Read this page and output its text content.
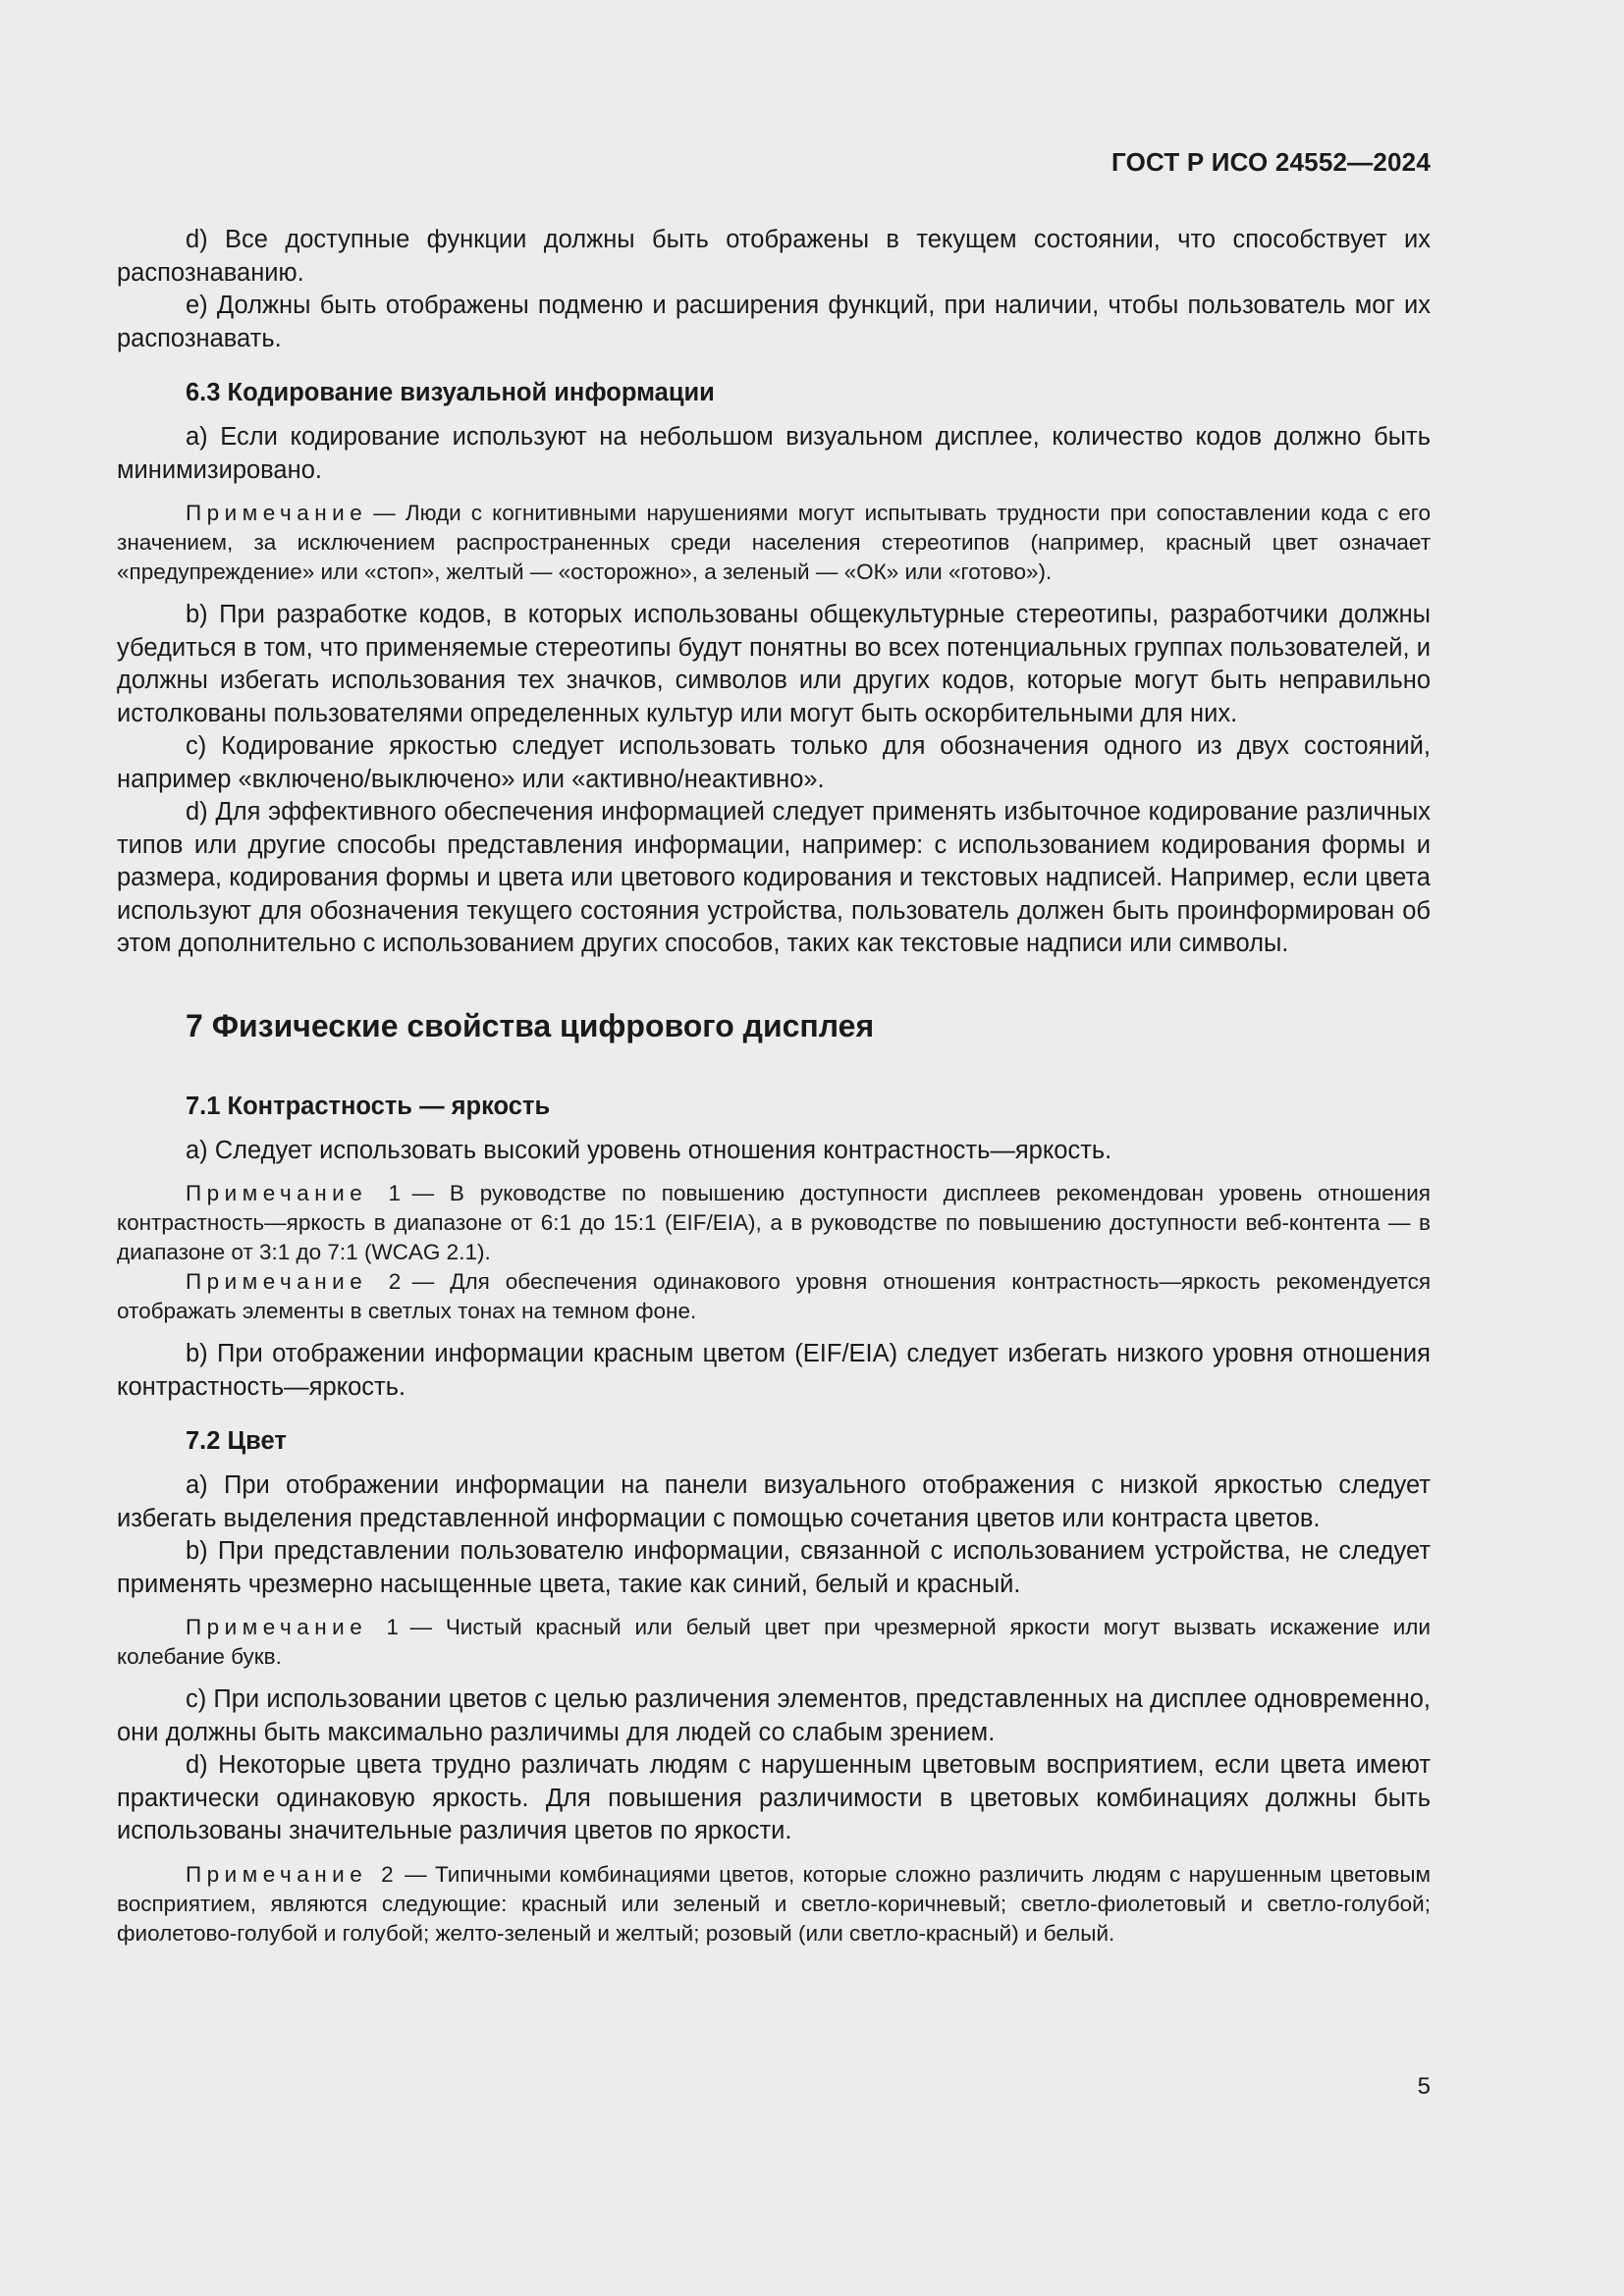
ГОСТ Р ИСО 24552—2024

d) Все доступные функции должны быть отображены в текущем состоянии, что способствует их распознаванию.

е) Должны быть отображены подменю и расширения функций, при наличии, чтобы пользователь мог их распознавать.

6.3 Кодирование визуальной информации

а) Если кодирование используют на небольшом визуальном дисплее, количество кодов должно быть минимизировано.

Примечание — Люди с когнитивными нарушениями могут испытывать трудности при сопоставлении кода с его значением, за исключением распространенных среди населения стереотипов (например, красный цвет означает «предупреждение» или «стоп», желтый — «осторожно», а зеленый — «ОК» или «готово»).

b) При разработке кодов, в которых использованы общекультурные стереотипы, разработчики должны убедиться в том, что применяемые стереотипы будут понятны во всех потенциальных группах пользователей, и должны избегать использования тех значков, символов или других кодов, которые могут быть неправильно истолкованы пользователями определенных культур или могут быть оскорбительными для них.

с) Кодирование яркостью следует использовать только для обозначения одного из двух состояний, например «включено/выключено» или «активно/неактивно».

d) Для эффективного обеспечения информацией следует применять избыточное кодирование различных типов или другие способы представления информации, например: с использованием кодирования формы и размера, кодирования формы и цвета или цветового кодирования и текстовых надписей. Например, если цвета используют для обозначения текущего состояния устройства, пользователь должен быть проинформирован об этом дополнительно с использованием других способов, таких как текстовые надписи или символы.

7 Физические свойства цифрового дисплея
7.1 Контрастность — яркость

а) Следует использовать высокий уровень отношения контрастность—яркость.

Примечание 1 — В руководстве по повышению доступности дисплеев рекомендован уровень отношения контрастность—яркость в диапазоне от 6:1 до 15:1 (EIF/EIA), а в руководстве по повышению доступности веб-контента — в диапазоне от 3:1 до 7:1 (WCAG 2.1).
Примечание 2 — Для обеспечения одинакового уровня отношения контрастность—яркость рекомендуется отображать элементы в светлых тонах на темном фоне.

b) При отображении информации красным цветом (EIF/EIA) следует избегать низкого уровня отношения контрастность—яркость.

7.2 Цвет

а) При отображении информации на панели визуального отображения с низкой яркостью следует избегать выделения представленной информации с помощью сочетания цветов или контраста цветов.

b) При представлении пользователю информации, связанной с использованием устройства, не следует применять чрезмерно насыщенные цвета, такие как синий, белый и красный.

Примечание 1 — Чистый красный или белый цвет при чрезмерной яркости могут вызвать искажение или колебание букв.

с) При использовании цветов с целью различения элементов, представленных на дисплее одновременно, они должны быть максимально различимы для людей со слабым зрением.

d) Некоторые цвета трудно различать людям с нарушенным цветовым восприятием, если цвета имеют практически одинаковую яркость. Для повышения различимости в цветовых комбинациях должны быть использованы значительные различия цветов по яркости.

Примечание 2 — Типичными комбинациями цветов, которые сложно различить людям с нарушенным цветовым восприятием, являются следующие: красный или зеленый и светло-коричневый; светло-фиолетовый и светло-голубой; фиолетово-голубой и голубой; желто-зеленый и желтый; розовый (или светло-красный) и белый.
5
